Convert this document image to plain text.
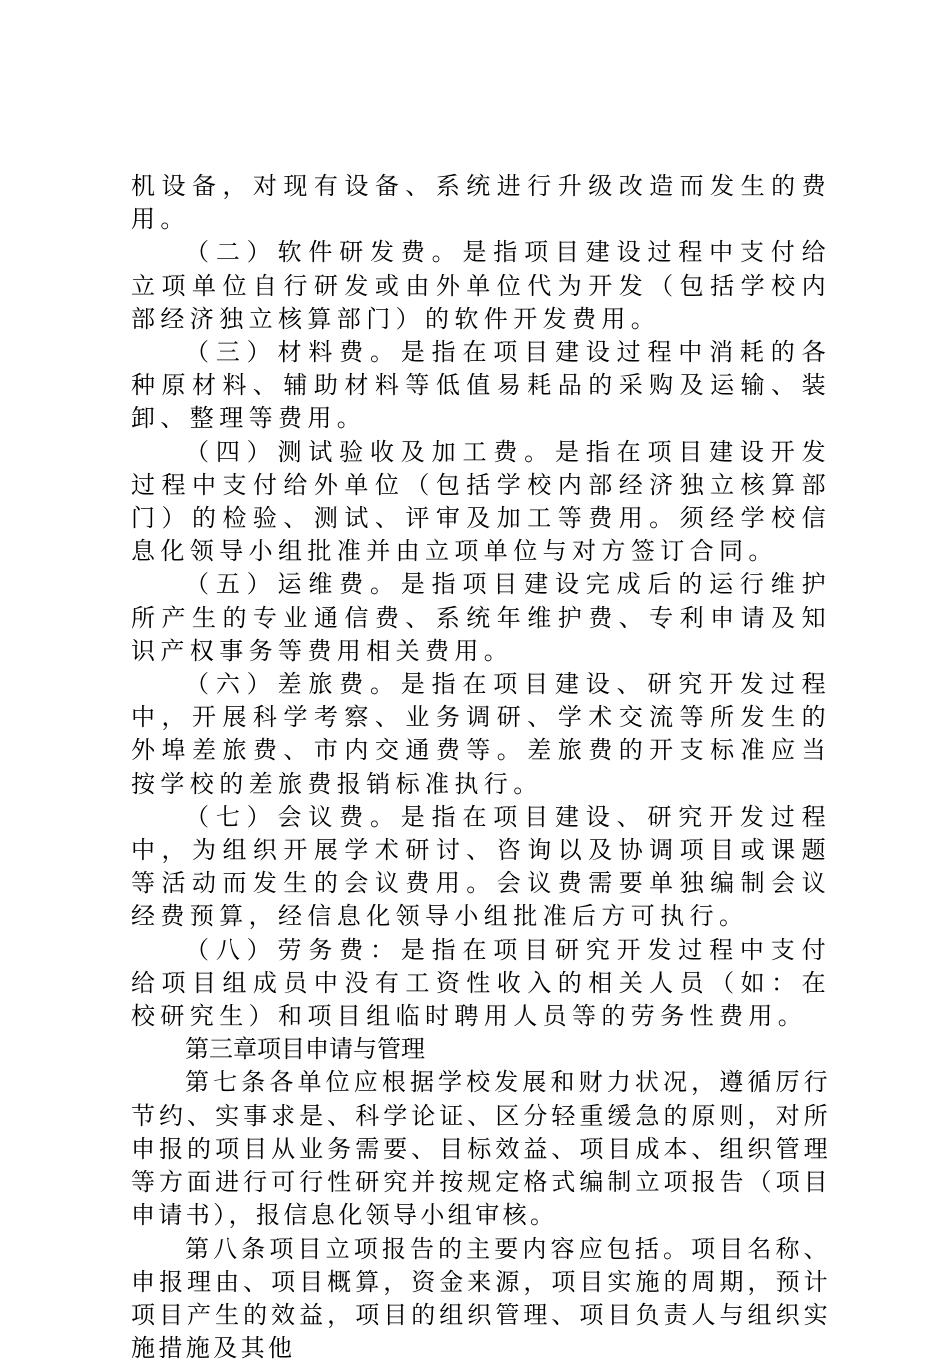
机设备，对现有设备、系统进行升级改造而发生的费用。

（二）软件研发费。是指项目建设过程中支付给立项单位自行研发或由外单位代为开发（包括学校内部经济独立核算部门）的软件开发费用。

（三）材料费。是指在项目建设过程中消耗的各种原材料、辅助材料等低值易耗品的采购及运输、装卸、整理等费用。

（四）测试验收及加工费。是指在项目建设开发过程中支付给外单位（包括学校内部经济独立核算部门）的检验、测试、评审及加工等费用。须经学校信息化领导小组批准并由立项单位与对方签订合同。

（五）运维费。是指项目建设完成后的运行维护所产生的专业通信费、系统年维护费、专利申请及知识产权事务等费用相关费用。

（六）差旅费。是指在项目建设、研究开发过程中，开展科学考察、业务调研、学术交流等所发生的外埠差旅费、市内交通费等。差旅费的开支标准应当按学校的差旅费报销标准执行。

（七）会议费。是指在项目建设、研究开发过程中，为组织开展学术研讨、咨询以及协调项目或课题等活动而发生的会议费用。会议费需要单独编制会议经费预算，经信息化领导小组批准后方可执行。

（八）劳务费：是指在项目研究开发过程中支付给项目组成员中没有工资性收入的相关人员（如：在校研究生）和项目组临时聘用人员等的劳务性费用。

第三章项目申请与管理

第七条各单位应根据学校发展和财力状况，遵循厉行节约、实事求是、科学论证、区分轻重缓急的原则，对所申报的项目从业务需要、目标效益、项目成本、组织管理等方面进行可行性研究并按规定格式编制立项报告（项目申请书），报信息化领导小组审核。

第八条项目立项报告的主要内容应包括。项目名称、申报理由、项目概算，资金来源，项目实施的周期，预计项目产生的效益，项目的组织管理、项目负责人与组织实施措施及其他
